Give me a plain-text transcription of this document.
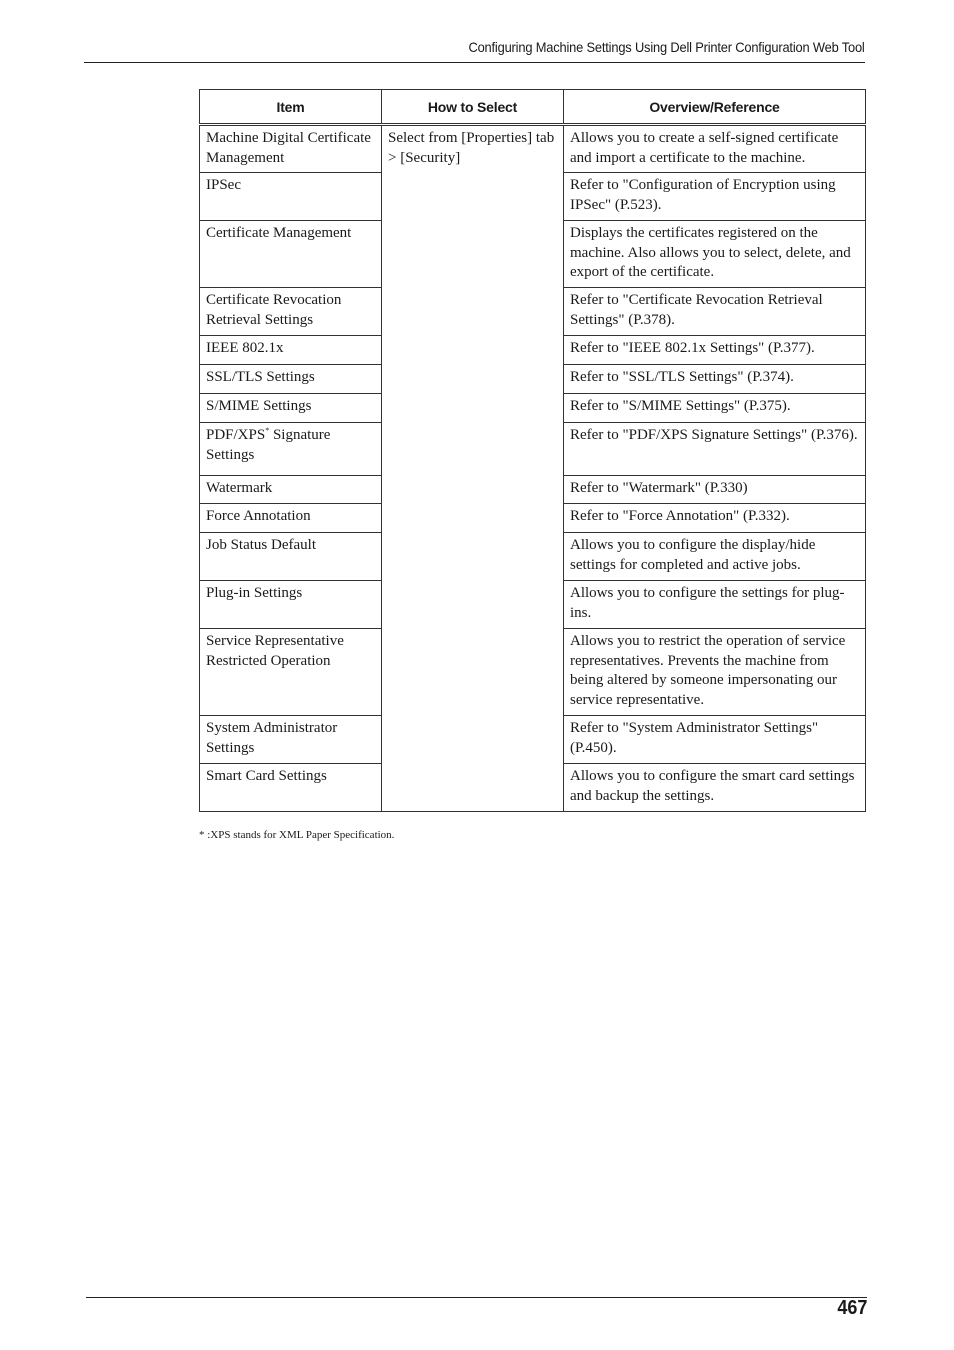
Configuring Machine Settings Using Dell Printer Configuration Web Tool
Item	How to Select	Overview/Reference
Machine Digital Certificate Management	Select from [Properties] tab > [Security]	Allows you to create a self-signed certificate and import a certificate to the machine.
IPSec		Refer to "Configuration of Encryption using IPSec" (P.523).
Certificate Management		Displays the certificates registered on the machine. Also allows you to select, delete, and export of the certificate.
Certificate Revocation Retrieval Settings		Refer to "Certificate Revocation Retrieval Settings" (P.378).
IEEE 802.1x		Refer to "IEEE 802.1x Settings" (P.377).
SSL/TLS Settings		Refer to "SSL/TLS Settings" (P.374).
S/MIME Settings		Refer to "S/MIME Settings" (P.375).
PDF/XPS* Signature Settings		Refer to "PDF/XPS Signature Settings" (P.376).
Watermark		Refer to "Watermark" (P.330)
Force Annotation		Refer to "Force Annotation" (P.332).
Job Status Default		Allows you to configure the display/hide settings for completed and active jobs.
Plug-in Settings		Allows you to configure the settings for plug-ins.
Service Representative Restricted Operation		Allows you to restrict the operation of service representatives. Prevents the machine from being altered by someone impersonating our service representative.
System Administrator Settings		Refer to "System Administrator Settings" (P.450).
Smart Card Settings		Allows you to configure the smart card settings and backup the settings.
* :XPS stands for XML Paper Specification.
467
